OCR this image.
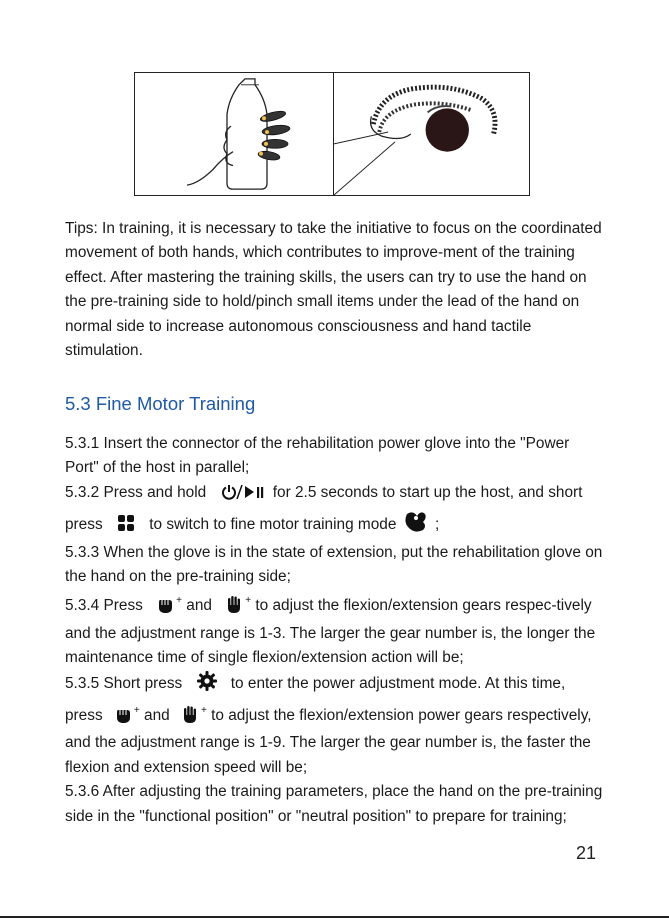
Tips: In training, it is necessary to take the initiative to focus on the coordinated movement of both hands, which contributes to improve-ment of the training effect. After mastering the training skills, the users can try to use the hand on the pre-training side to hold/pinch small items under the lead of the hand on normal side to increase autonomous consciousness and hand tactile stimulation.

5.3 Fine Motor Training

5.3.1 Insert the connector of the rehabilitation power glove into the "Power Port" of the host in parallel;

5.3.2 Press and hold	for 2.5 seconds to start up the host, and short press	to switch to fine motor training mode	;

5.3.3 When the glove is in the state of extension, put the rehabilitation glove on the hand on the pre-training side;

5.3.4 Press	+ and	+ to adjust the flexion/extension gears respec-tively and the adjustment range is 1-3. The larger the gear number is, the longer the maintenance time of single flexion/extension action will be;

5.3.5 Short press	to enter the power adjustment mode. At this time, press	+ and	+ to adjust the flexion/extension power gears respectively, and the adjustment range is 1-9. The larger the gear number is, the faster the flexion and extension speed will be;

5.3.6 After adjusting the training parameters, place the hand on the pre-training side in the "functional position" or "neutral position" to prepare for training;

21
